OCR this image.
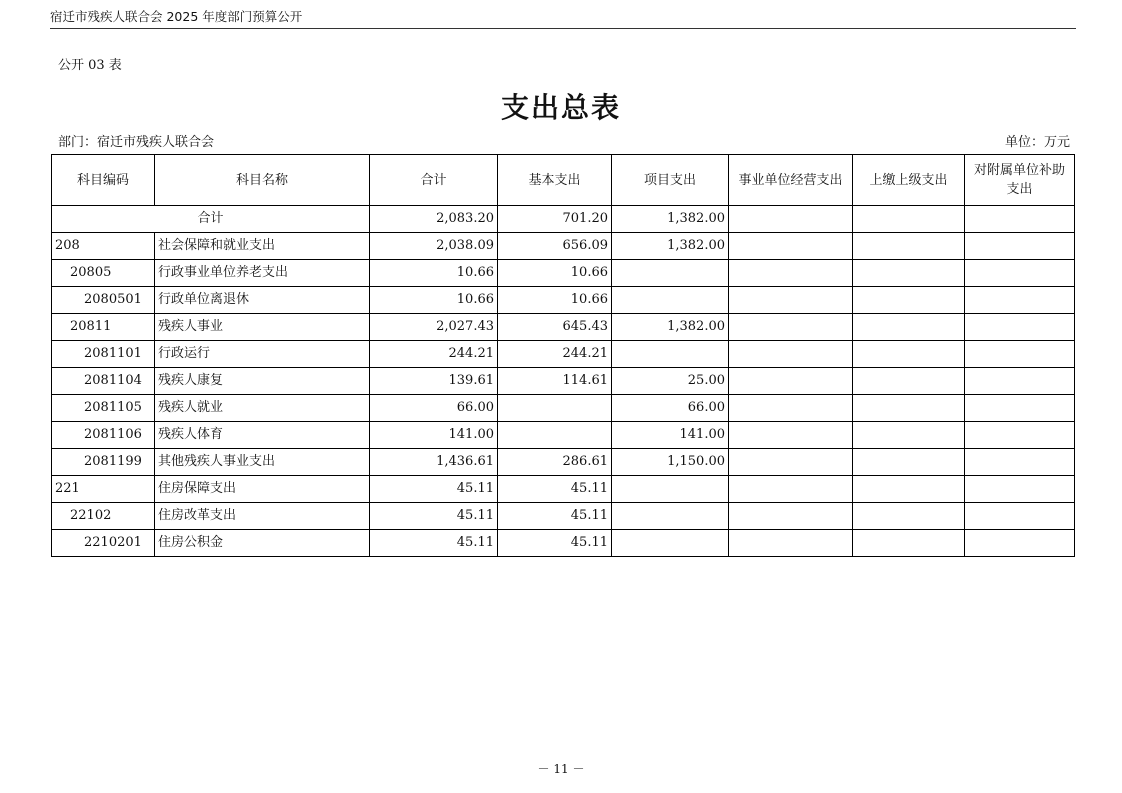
宿迁市残疾人联合会 2025 年度部门预算公开
公开 03 表
支出总表
部门：宿迁市残疾人联合会	单位：万元
科目编码	科目名称	合计	基本支出	项目支出	事业单位经营支出	上缴上级支出	对附属单位补助支出
合计		2,083.20	701.20	1,382.00			
208	社会保障和就业支出	2,038.09	656.09	1,382.00			
20805	行政事业单位养老支出	10.66	10.66				
2080501	行政单位离退休	10.66	10.66				
20811	残疾人事业	2,027.43	645.43	1,382.00			
2081101	行政运行	244.21	244.21				
2081104	残疾人康复	139.61	114.61	25.00			
2081105	残疾人就业	66.00		66.00			
2081106	残疾人体育	141.00		141.00			
2081199	其他残疾人事业支出	1,436.61	286.61	1,150.00			
221	住房保障支出	45.11	45.11				
22102	住房改革支出	45.11	45.11				
2210201	住房公积金	45.11	45.11				
－ 11 －
